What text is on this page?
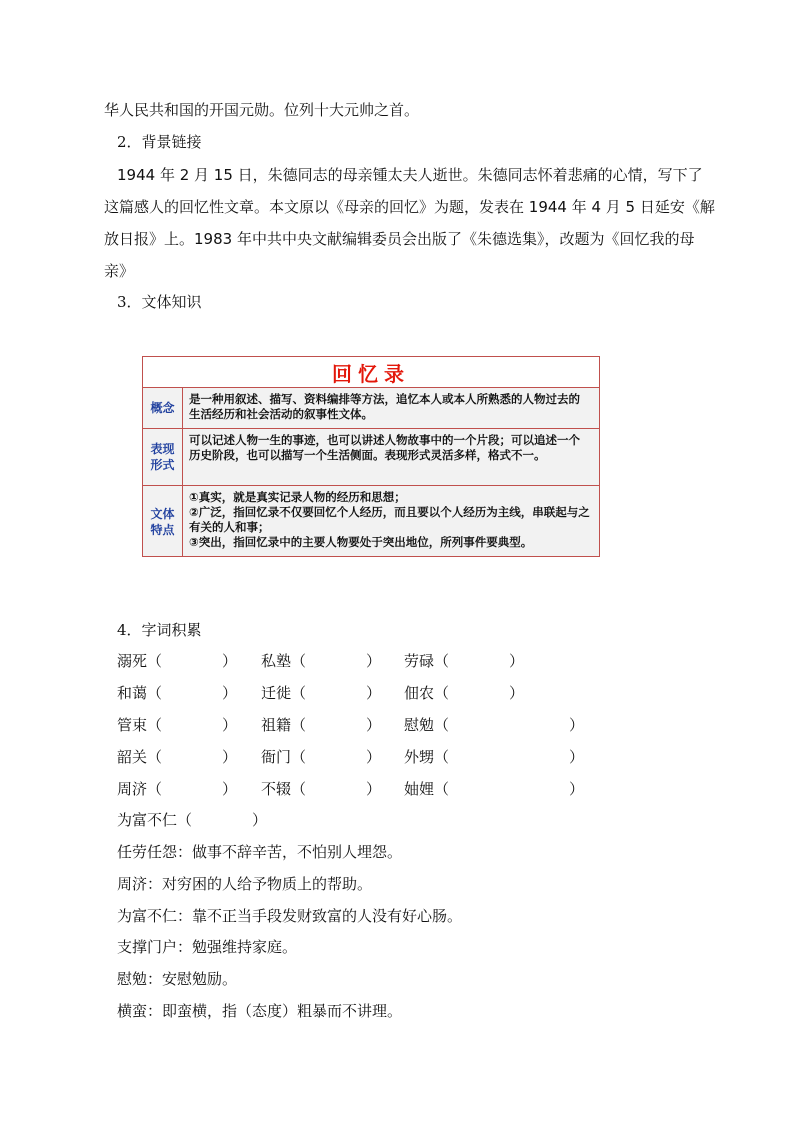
华人民共和国的开国元勋。位列十大元帅之首。
2．背景链接
1944 年 2 月 15 日，朱德同志的母亲锺太夫人逝世。朱德同志怀着悲痛的心情，写下了
这篇感人的回忆性文章。本文原以《母亲的回忆》为题，发表在 1944 年 4 月 5 日延安《解
放日报》上。1983 年中共中央文献编辑委员会出版了《朱德选集》，改题为《回忆我的母
亲》
3．文体知识
回忆录
概念
是一种用叙述、描写、资料编排等方法，追忆本人或本人所熟悉的人物过去的生活经历和社会活动的叙事性文体。
表现形式
可以记述人物一生的事迹，也可以讲述人物故事中的一个片段；可以追述一个历史阶段，也可以描写一个生活侧面。表现形式灵活多样，格式不一。
文体特点
①真实，就是真实记录人物的经历和思想；
②广泛，指回忆录不仅要回忆个人经历，而且要以个人经历为主线，串联起与之有关的人和事；
③突出，指回忆录中的主要人物要处于突出地位，所列事件要典型。
4．字词积累
溺死（　　　　） 私塾（　　　　） 劳碌（　　　　）
和蔼（　　　　） 迁徙（　　　　） 佃农（　　　　）
管束（　　　　） 祖籍（　　　　） 慰勉（　　　　　　　　）
韶关（　　　　） 衙门（　　　　） 外甥（　　　　　　　　）
周济（　　　　） 不辍（　　　　） 妯娌（　　　　　　　　）
为富不仁（　　　　）
任劳任怨：做事不辞辛苦，不怕别人埋怨。
周济：对穷困的人给予物质上的帮助。
为富不仁：靠不正当手段发财致富的人没有好心肠。
支撑门户：勉强维持家庭。
慰勉：安慰勉励。
横蛮：即蛮横，指（态度）粗暴而不讲理。
